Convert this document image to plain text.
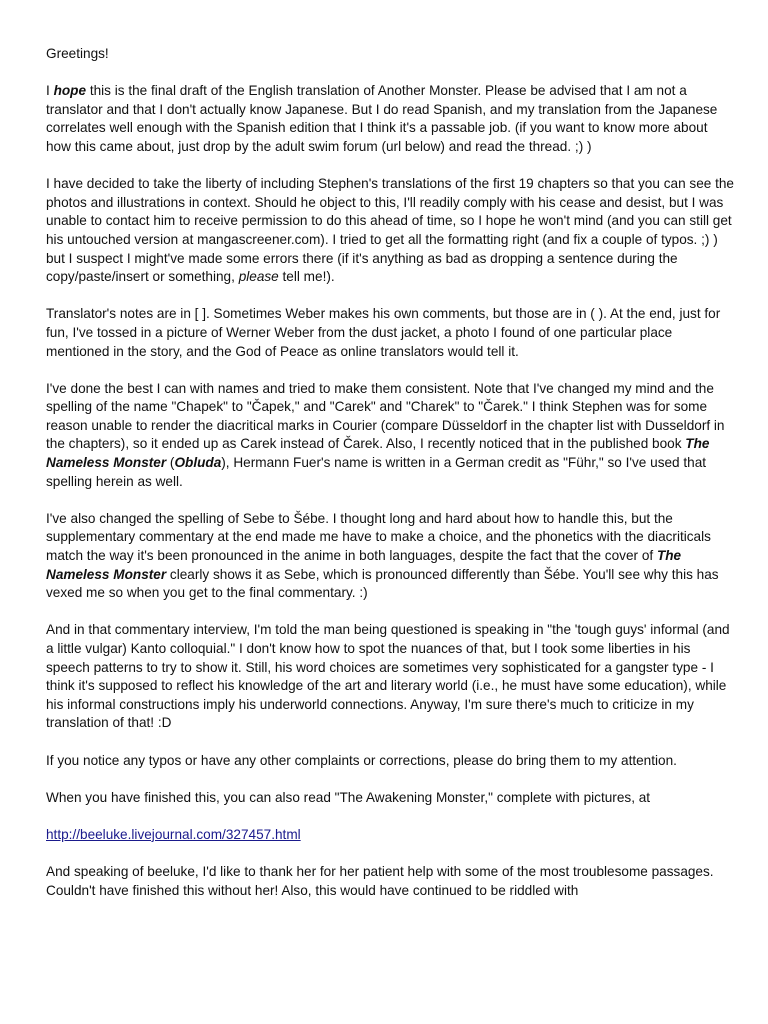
Greetings!

I hope this is the final draft of the English translation of Another Monster. Please be advised that I am not a translator and that I don't actually know Japanese. But I do read Spanish, and my translation from the Japanese correlates well enough with the Spanish edition that I think it's a passable job. (if you want to know more about how this came about, just drop by the adult swim forum (url below) and read the thread. ;) )

I have decided to take the liberty of including Stephen's translations of the first 19 chapters so that you can see the photos and illustrations in context. Should he object to this, I'll readily comply with his cease and desist, but I was unable to contact him to receive permission to do this ahead of time, so I hope he won't mind (and you can still get his untouched version at mangascreener.com). I tried to get all the formatting right (and fix a couple of typos. ;) ) but I suspect I might've made some errors there (if it's anything as bad as dropping a sentence during the copy/paste/insert or something, please tell me!).

Translator's notes are in [ ]. Sometimes Weber makes his own comments, but those are in ( ). At the end, just for fun, I've tossed in a picture of Werner Weber from the dust jacket, a photo I found of one particular place mentioned in the story, and the God of Peace as online translators would tell it.

I've done the best I can with names and tried to make them consistent. Note that I've changed my mind and the spelling of the name "Chapek" to "Čapek," and "Carek" and "Charek" to "Čarek." I think Stephen was for some reason unable to render the diacritical marks in Courier (compare Düsseldorf in the chapter list with Dusseldorf in the chapters), so it ended up as Carek instead of Čarek. Also, I recently noticed that in the published book The Nameless Monster (Obluda), Hermann Fuer's name is written in a German credit as "Führ," so I've used that spelling herein as well.

I've also changed the spelling of Sebe to Šébe. I thought long and hard about how to handle this, but the supplementary commentary at the end made me have to make a choice, and the phonetics with the diacriticals match the way it's been pronounced in the anime in both languages, despite the fact that the cover of The Nameless Monster clearly shows it as Sebe, which is pronounced differently than Šébe. You'll see why this has vexed me so when you get to the final commentary. :)

And in that commentary interview, I'm told the man being questioned is speaking in "the 'tough guys' informal (and a little vulgar) Kanto colloquial." I don't know how to spot the nuances of that, but I took some liberties in his speech patterns to try to show it. Still, his word choices are sometimes very sophisticated for a gangster type - I think it's supposed to reflect his knowledge of the art and literary world (i.e., he must have some education), while his informal constructions imply his underworld connections. Anyway, I'm sure there's much to criticize in my translation of that! :D

If you notice any typos or have any other complaints or corrections, please do bring them to my attention.

When you have finished this, you can also read "The Awakening Monster," complete with pictures, at

http://beeluke.livejournal.com/327457.html

And speaking of beeluke, I'd like to thank her for her patient help with some of the most troublesome passages. Couldn't have finished this without her! Also, this would have continued to be riddled with
